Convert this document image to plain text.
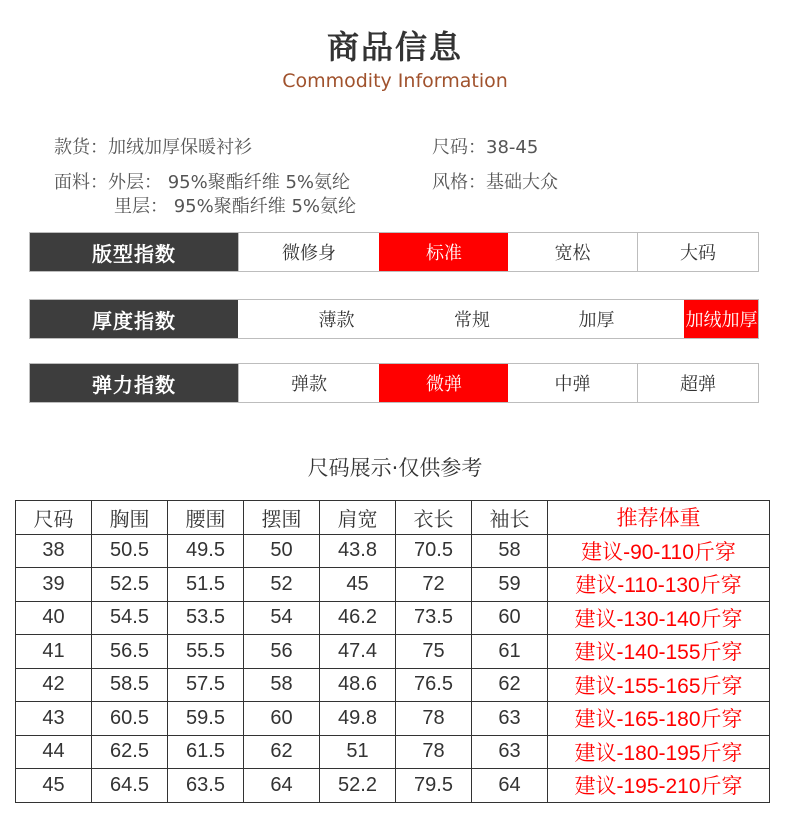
商品信息
Commodity Information
款货：加绒加厚保暖衬衫	尺码：38-45
面料：外层： 95%聚酯纤维 5%氨纶
里层： 95%聚酯纤维 5%氨纶
风格：基础大众
版型指数	微修身	标准	宽松	大码
厚度指数	薄款	常规	加厚	加绒加厚
弹力指数	弹款	微弹	中弹	超弹
尺码展示·仅供参考
尺码	胸围	腰围	摆围	肩宽	衣长	袖长	推荐体重
38	50.5	49.5	50	43.8	70.5	58	建议-90-110斤穿
39	52.5	51.5	52	45	72	59	建议-110-130斤穿
40	54.5	53.5	54	46.2	73.5	60	建议-130-140斤穿
41	56.5	55.5	56	47.4	75	61	建议-140-155斤穿
42	58.5	57.5	58	48.6	76.5	62	建议-155-165斤穿
43	60.5	59.5	60	49.8	78	63	建议-165-180斤穿
44	62.5	61.5	62	51	78	63	建议-180-195斤穿
45	64.5	63.5	64	52.2	79.5	64	建议-195-210斤穿
